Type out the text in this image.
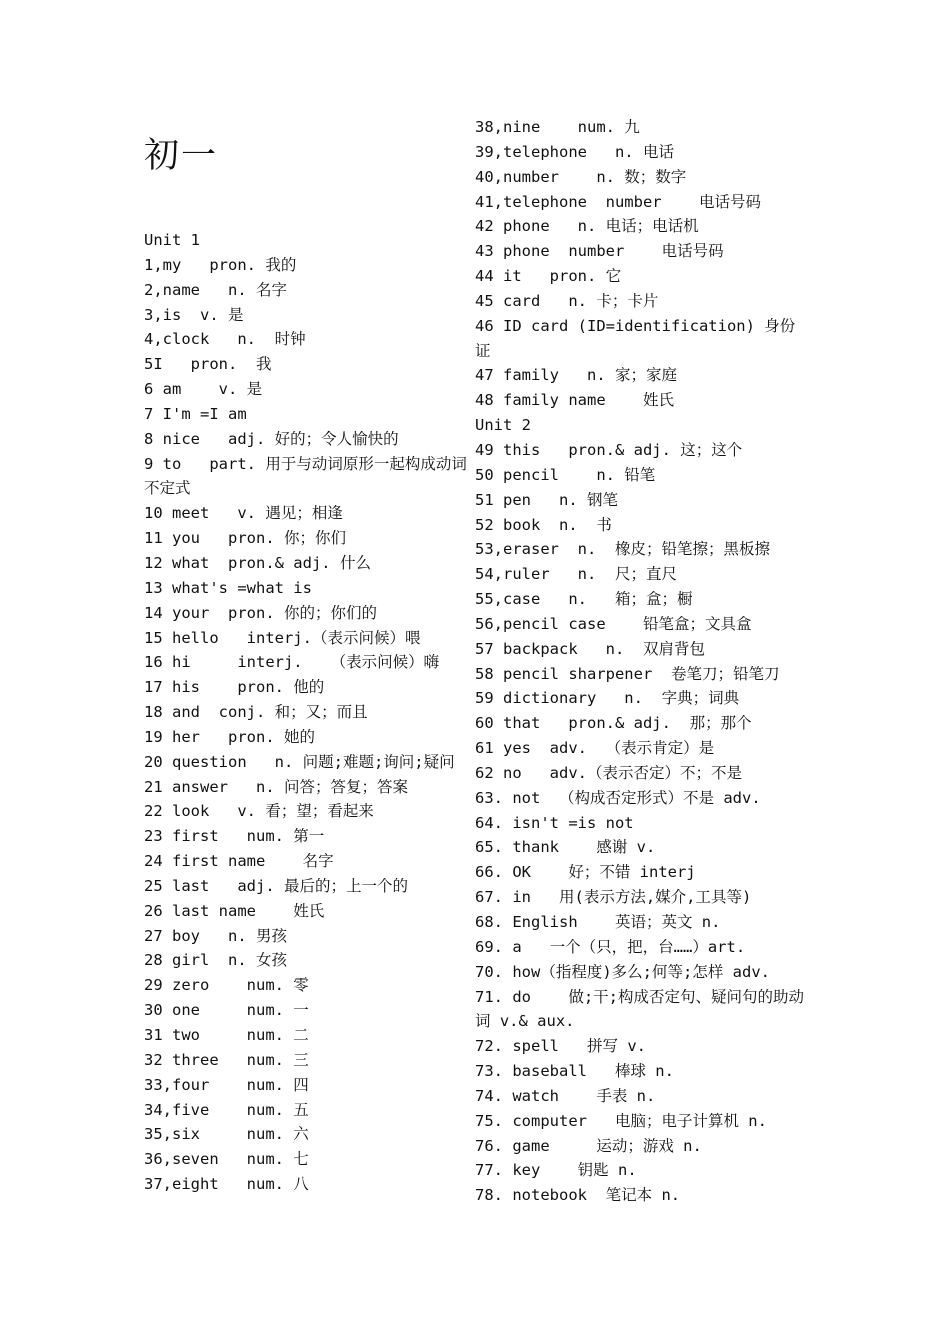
初一
Unit 1
1,my   pron. 我的
2,name   n. 名字
3,is  v. 是
4,clock   n.  时钟
5I   pron.  我
6 am    v. 是
7 I'm =I am
8 nice   adj. 好的；令人愉快的
9 to   part. 用于与动词原形一起构成动词不定式
10 meet   v. 遇见；相逢
11 you   pron. 你；你们
12 what  pron.& adj. 什么
13 what's =what is
14 your  pron. 你的；你们的
15 hello   interj.（表示问候）喂
16 hi     interj.   （表示问候）嗨
17 his    pron. 他的
18 and  conj. 和；又；而且
19 her   pron. 她的
20 question   n. 问题;难题;询问;疑问
21 answer   n. 问答；答复；答案
22 look   v. 看；望；看起来
23 first   num. 第一
24 first name    名字
25 last   adj. 最后的；上一个的
26 last name    姓氏
27 boy   n. 男孩
28 girl  n. 女孩
29 zero    num. 零
30 one     num. 一
31 two     num. 二
32 three   num. 三
33,four    num. 四
34,five    num. 五
35,six     num. 六
36,seven   num. 七
37,eight   num. 八
38,nine    num. 九
39,telephone   n. 电话
40,number    n. 数；数字
41,telephone  number    电话号码
42 phone   n. 电话；电话机
43 phone  number    电话号码
44 it   pron. 它
45 card   n. 卡；卡片
46 ID card (ID=identification) 身份证
47 family   n. 家；家庭
48 family name    姓氏
Unit 2
49 this   pron.& adj. 这；这个
50 pencil    n. 铅笔
51 pen   n. 钢笔
52 book  n.  书
53,eraser  n.  橡皮；铅笔擦；黑板擦
54,ruler   n.  尺；直尺
55,case   n.   箱；盒；橱
56,pencil case    铅笔盒；文具盒
57 backpack   n.  双肩背包
58 pencil sharpener  卷笔刀；铅笔刀
59 dictionary   n.  字典；词典
60 that   pron.& adj.  那；那个
61 yes  adv.  （表示肯定）是
62 no   adv.（表示否定）不；不是
63. not  （构成否定形式）不是 adv.
64. isn't =is not
65. thank    感谢 v.
66. OK    好；不错 interj
67. in   用(表示方法,媒介,工具等)
68. English    英语；英文 n.
69. a   一个（只，把，台……）art.
70. how（指程度)多么;何等;怎样 adv.
71. do    做;干;构成否定句、疑问句的助动词 v.& aux.
72. spell   拼写 v.
73. baseball   棒球 n.
74. watch    手表 n.
75. computer   电脑；电子计算机 n.
76. game     运动；游戏 n.
77. key    钥匙 n.
78. notebook  笔记本 n.
